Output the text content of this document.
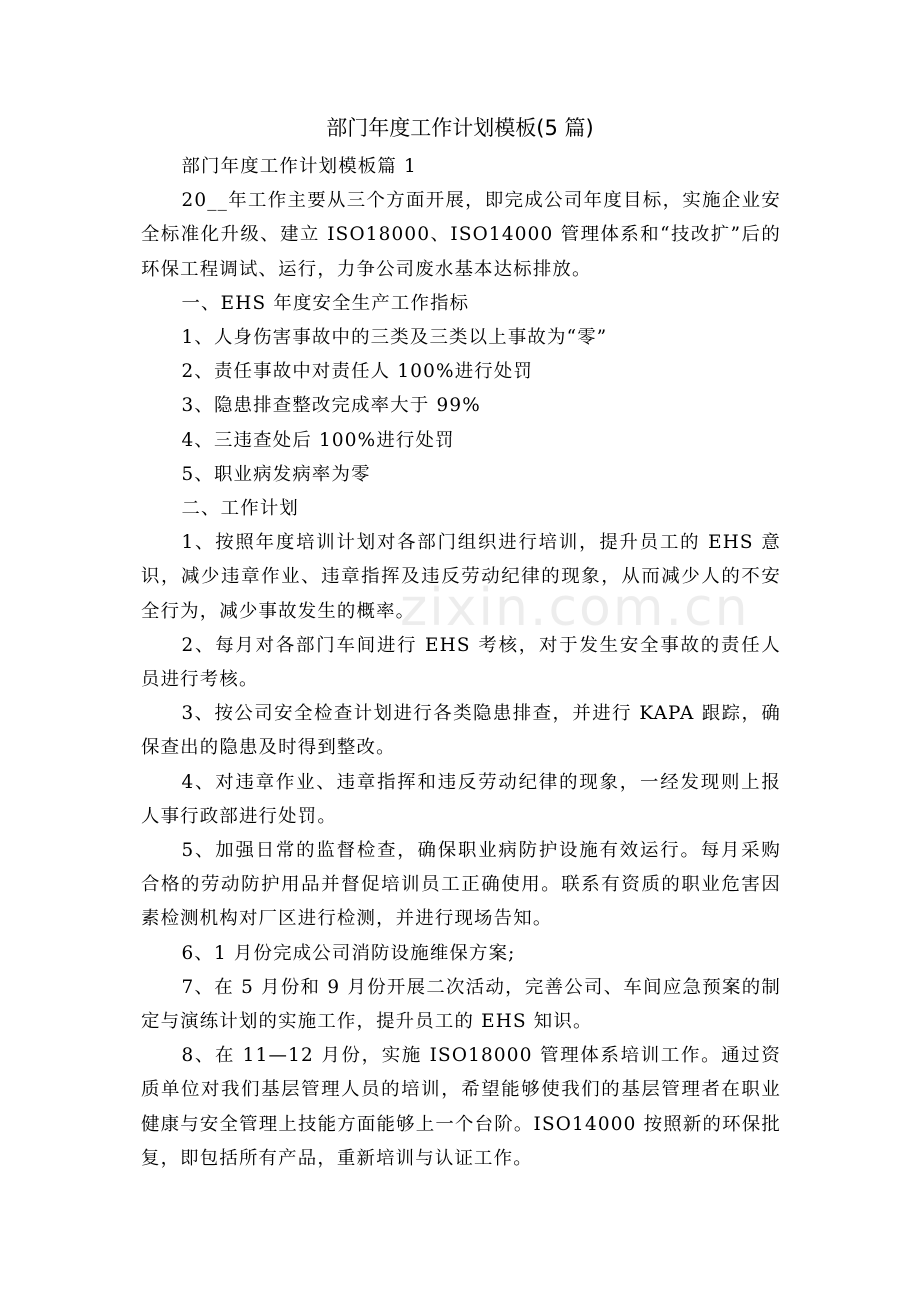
部门年度工作计划模板(5 篇)

部门年度工作计划模板篇 1

20__年工作主要从三个方面开展，即完成公司年度目标，实施企业安全标准化升级、建立 ISO18000、ISO14000 管理体系和“技改扩”后的环保工程调试、运行，力争公司废水基本达标排放。

一、EHS 年度安全生产工作指标

1、人身伤害事故中的三类及三类以上事故为“零”

2、责任事故中对责任人 100%进行处罚

3、隐患排查整改完成率大于 99%

4、三违查处后 100%进行处罚

5、职业病发病率为零

二、工作计划

1、按照年度培训计划对各部门组织进行培训，提升员工的 EHS 意识，减少违章作业、违章指挥及违反劳动纪律的现象，从而减少人的不安全行为，减少事故发生的概率。

2、每月对各部门车间进行 EHS 考核，对于发生安全事故的责任人员进行考核。

3、按公司安全检查计划进行各类隐患排查，并进行 KAPA 跟踪，确保查出的隐患及时得到整改。

4、对违章作业、违章指挥和违反劳动纪律的现象，一经发现则上报人事行政部进行处罚。

5、加强日常的监督检查，确保职业病防护设施有效运行。每月采购合格的劳动防护用品并督促培训员工正确使用。联系有资质的职业危害因素检测机构对厂区进行检测，并进行现场告知。

6、1 月份完成公司消防设施维保方案;

7、在 5 月份和 9 月份开展二次活动，完善公司、车间应急预案的制定与演练计划的实施工作，提升员工的 EHS 知识。

8、在 11—12 月份，实施 ISO18000 管理体系培训工作。通过资质单位对我们基层管理人员的培训，希望能够使我们的基层管理者在职业健康与安全管理上技能方面能够上一个台阶。ISO14000 按照新的环保批复，即包括所有产品，重新培训与认证工作。

zixin.com.cn
